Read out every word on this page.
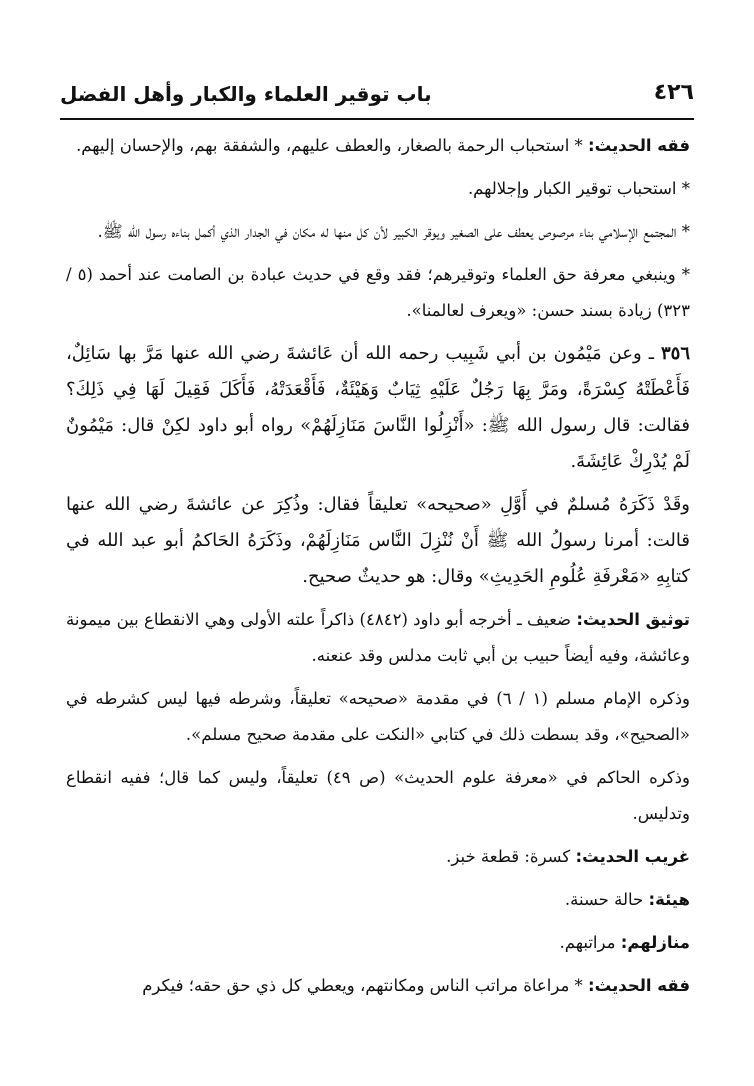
٤٢٦
باب توقير العلماء والكبار وأهل الفضل

فقه الحديث: * استحباب الرحمة بالصغار، والعطف عليهم، والشفقة بهم، والإحسان إليهم.

* استحباب توقير الكبار وإجلالهم.

* المجتمع الإسلامي بناء مرصوص يعطف على الصغير ويوقر الكبير لأن كل منها له مكان في الجدار الذي أكمل بناءه رسول الله ﷺ.

* وينبغي معرفة حق العلماء وتوقيرهم؛ فقد وقع في حديث عبادة بن الصامت عند أحمد (٥ / ٣٢٣) زيادة بسند حسن: «ويعرف لعالمنا».

٣٥٦ ـ وعن مَيْمُون بن أبي شَبِيب رحمه الله أن عَائشةَ رضي الله عنها مَرَّ بها سَائِلٌ، فَأَعْطَتْهُ كِسْرَةً، ومَرَّ بِهَا رَجُلٌ عَلَيْهِ ثِيَابٌ وَهَيْئَةٌ، فَأَقْعَدَتْهُ، فَأَكَلَ فَقِيلَ لَهَا فِي ذَلِكَ؟ فقالت: قال رسول الله ﷺ: «أَنْزِلُوا النَّاسَ مَنَازِلَهُمْ» رواه أبو داود لكِنْ قال: مَيْمُونٌ لَمْ يُدْرِكْ عَائِشَةَ.

وقَدْ ذَكَرَهُ مُسلمٌ في أَوَّلِ «صحيحه» تعليقاً فقال: وذُكِرَ عن عائشةَ رضي الله عنها قالت: أمرنا رسولُ الله ﷺ أَنْ نُنْزِلَ النَّاس مَنَازِلَهُمْ، وذَكَرَهُ الحَاكمُ أبو عبد الله في كتابِهِ «مَعْرفَةِ عُلُومِ الحَدِيثِ» وقال: هو حديثٌ صحيح.

توثيق الحديث: ضعيف ـ أخرجه أبو داود (٤٨٤٢) ذاكراً علته الأولى وهي الانقطاع بين ميمونة وعائشة، وفيه أيضاً حبيب بن أبي ثابت مدلس وقد عنعنه.

وذكره الإمام مسلم (١ / ٦) في مقدمة «صحيحه» تعليقاً، وشرطه فيها ليس كشرطه في «الصحيح»، وقد بسطت ذلك في كتابي «النكت على مقدمة صحيح مسلم».

وذكره الحاكم في «معرفة علوم الحديث» (ص ٤٩) تعليقاً، وليس كما قال؛ ففيه انقطاع وتدليس.

غريب الحديث: كسرة: قطعة خبز.

هيئة: حالة حسنة.

منازلهم: مراتبهم.

فقه الحديث: * مراعاة مراتب الناس ومكانتهم، ويعطي كل ذي حق حقه؛ فيكرم
